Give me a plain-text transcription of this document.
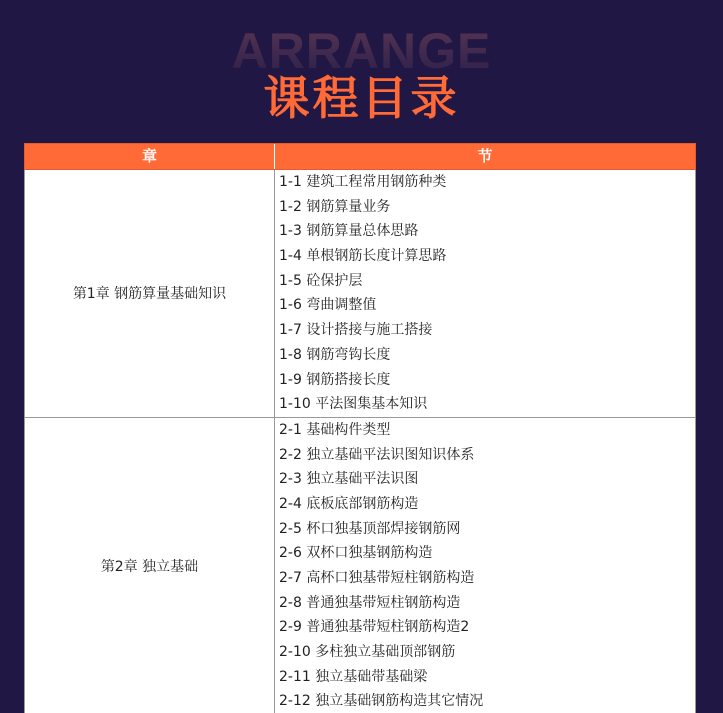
ARRANGE
课程目录
章	节
第1章 钢筋算量基础知识
1-1 建筑工程常用钢筋种类
1-2 钢筋算量业务
1-3 钢筋算量总体思路
1-4 单根钢筋长度计算思路
1-5 砼保护层
1-6 弯曲调整值
1-7 设计搭接与施工搭接
1-8 钢筋弯钩长度
1-9 钢筋搭接长度
1-10 平法图集基本知识
第2章 独立基础
2-1 基础构件类型
2-2 独立基础平法识图知识体系
2-3 独立基础平法识图
2-4 底板底部钢筋构造
2-5 杯口独基顶部焊接钢筋网
2-6 双杯口独基钢筋构造
2-7 高杯口独基带短柱钢筋构造
2-8 普通独基带短柱钢筋构造
2-9 普通独基带短柱钢筋构造2
2-10 多柱独立基础顶部钢筋
2-11 独立基础带基础梁
2-12 独立基础钢筋构造其它情况
